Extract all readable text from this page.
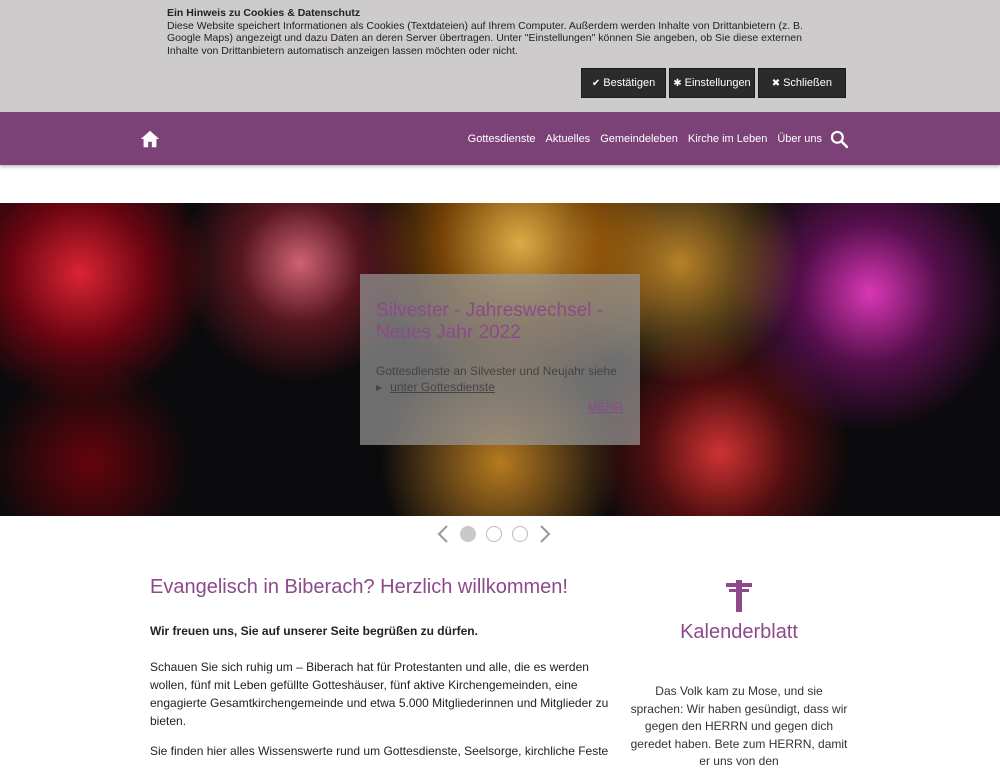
Ein Hinweis zu Cookies & Datenschutz
Diese Website speichert Informationen als Cookies (Textdateien) auf Ihrem Computer. Außerdem werden Inhalte von Drittanbietern (z. B. Google Maps) angezeigt und dazu Daten an deren Server übertragen. Unter "Einstellungen" können Sie angeben, ob Sie diese externen Inhalte von Drittanbietern automatisch anzeigen lassen möchten oder nicht.
✔ Bestätigen ✱ Einstellungen ✖ Schließen
Gottesdienste Aktuelles Gemeindeleben Kirche im Leben Über uns
Silvester - Jahreswechsel - Neues Jahr 2022
Gottesdienste an Silvester und Neujahr siehe
▶ unter Gottesdienste
MEHR
Evangelisch in Biberach? Herzlich willkommen!
Wir freuen uns, Sie auf unserer Seite begrüßen zu dürfen.

Schauen Sie sich ruhig um – Biberach hat für Protestanten und alle, die es werden wollen, fünf mit Leben gefüllte Gotteshäuser, fünf aktive Kirchengemeinden, eine engagierte Gesamtkirchengemeinde und etwa 5.000 Mitgliederinnen und Mitglieder zu bieten.

Sie finden hier alles Wissenswerte rund um Gottesdienste, Seelsorge, kirchliche Feste

Kalenderblatt

Das Volk kam zu Mose, und sie sprachen: Wir haben gesündigt, dass wir gegen den HERRN und gegen dich geredet haben. Bete zum HERRN, damit er uns von den
